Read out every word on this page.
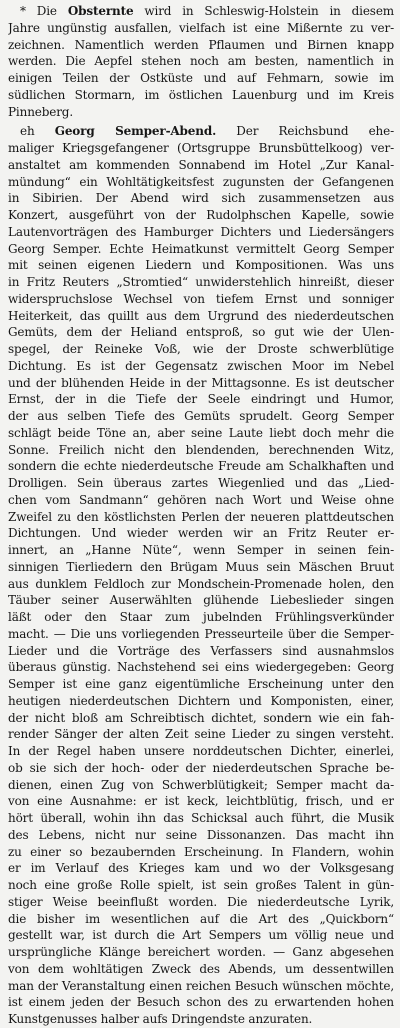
* Die Obsternte wird in Schleswig-Holstein in diesem
Jahre ungünstig ausfallen, vielfach ist eine Mißernte zu ver-
zeichnen. Namentlich werden Pflaumen und Birnen knapp
werden. Die Aepfel stehen noch am besten, namentlich in
einigen Teilen der Ostküste und auf Fehmarn, sowie im
südlichen Stormarn, im östlichen Lauenburg und im Kreis
Pinneberg.
eh Georg Semper-Abend. Der Reichsbund ehe-
maliger Kriegsgefangener (Ortsgruppe Brunsbüttelkoog) ver-
anstaltet am kommenden Sonnabend im Hotel „Zur Kanal-
mündung“ ein Wohltätigkeitsfest zugunsten der Gefangenen
in Sibirien. Der Abend wird sich zusammensetzen aus
Konzert, ausgeführt von der Rudolphschen Kapelle, sowie
Lautenvorträgen des Hamburger Dichters und Liedersängers
Georg Semper. Echte Heimatkunst vermittelt Georg Semper
mit seinen eigenen Liedern und Kompositionen. Was uns
in Fritz Reuters „Stromtied“ unwiderstehlich hinreißt, dieser
widerspruchslose Wechsel von tiefem Ernst und sonniger
Heiterkeit, das quillt aus dem Urgrund des niederdeutschen
Gemüts, dem der Heliand entsproß, so gut wie der Ulen-
spegel, der Reineke Voß, wie der Droste schwerblütige
Dichtung. Es ist der Gegensatz zwischen Moor im Nebel
und der blühenden Heide in der Mittagsonne. Es ist deutscher
Ernst, der in die Tiefe der Seele eindringt und Humor,
der aus selben Tiefe des Gemüts sprudelt. Georg Semper
schlägt beide Töne an, aber seine Laute liebt doch mehr die
Sonne. Freilich nicht den blendenden, berechnenden Witz,
sondern die echte niederdeutsche Freude am Schalkhaften und
Drolligen. Sein überaus zartes Wiegenlied und das „Lied-
chen vom Sandmann“ gehören nach Wort und Weise ohne
Zweifel zu den köstlichsten Perlen der neueren plattdeutschen
Dichtungen. Und wieder werden wir an Fritz Reuter er-
innert, an „Hanne Nüte“, wenn Semper in seinen fein-
sinnigen Tierliedern den Brügam Muus sein Mäschen Bruut
aus dunklem Feldloch zur Mondschein-Promenade holen, den
Täuber seiner Auserwählten glühende Liebeslieder singen
läßt oder den Staar zum jubelnden Frühlingsverkünder
macht. — Die uns vorliegenden Presseurteile über die Semper-
Lieder und die Vorträge des Verfassers sind ausnahmslos
überaus günstig. Nachstehend sei eins wiedergegeben: Georg
Semper ist eine ganz eigentümliche Erscheinung unter den
heutigen niederdeutschen Dichtern und Komponisten, einer,
der nicht bloß am Schreibtisch dichtet, sondern wie ein fah-
render Sänger der alten Zeit seine Lieder zu singen versteht.
In der Regel haben unsere norddeutschen Dichter, einerlei,
ob sie sich der hoch- oder der niederdeutschen Sprache be-
dienen, einen Zug von Schwerblütigkeit; Semper macht da-
von eine Ausnahme: er ist keck, leichtblütig, frisch, und er
hört überall, wohin ihn das Schicksal auch führt, die Musik
des Lebens, nicht nur seine Dissonanzen. Das macht ihn
zu einer so bezaubernden Erscheinung. In Flandern, wohin
er im Verlauf des Krieges kam und wo der Volksgesang
noch eine große Rolle spielt, ist sein großes Talent in gün-
stiger Weise beeinflußt worden. Die niederdeutsche Lyrik,
die bisher im wesentlichen auf die Art des „Quickborn“
gestellt war, ist durch die Art Sempers um völlig neue und
ursprüngliche Klänge bereichert worden. — Ganz abgesehen
von dem wohltätigen Zweck des Abends, um dessentwillen
man der Veranstaltung einen reichen Besuch wünschen möchte,
ist einem jeden der Besuch schon des zu erwartenden hohen
Kunstgenusses halber aufs Dringendste anzuraten.
